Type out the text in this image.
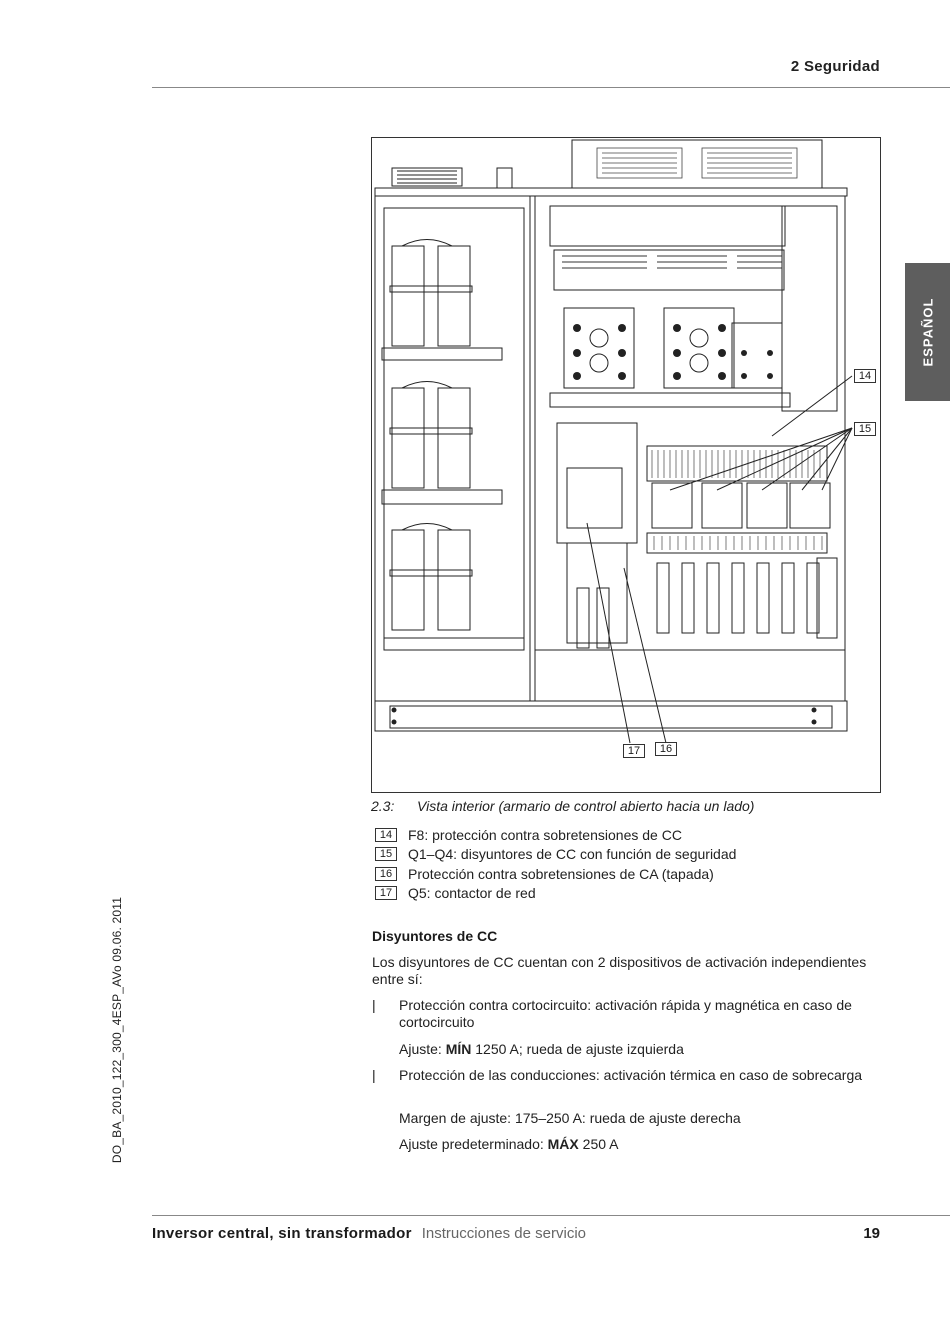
2 Seguridad
ESPAÑOL
DO_BA_2010_122_300_4ESP_AVo 09.06. 2011
14
15
17	16
2.3: Vista interior (armario de control abierto hacia un lado)
14	F8: protección contra sobretensiones de CC
15	Q1–Q4: disyuntores de CC con función de seguridad
16	Protección contra sobretensiones de CA (tapada)
17	Q5: contactor de red
Disyuntores de CC
Los disyuntores de CC cuentan con 2 dispositivos de activación independientes entre sí:
| Protección contra cortocircuito: activación rápida y magnética en caso de cortocircuito
Ajuste: MÍN 1250 A; rueda de ajuste izquierda
| Protección de las conducciones: activación térmica en caso de sobrecarga
Margen de ajuste: 175–250 A: rueda de ajuste derecha
Ajuste predeterminado: MÁX 250 A
Inversor central, sin transformador Instrucciones de servicio	19
